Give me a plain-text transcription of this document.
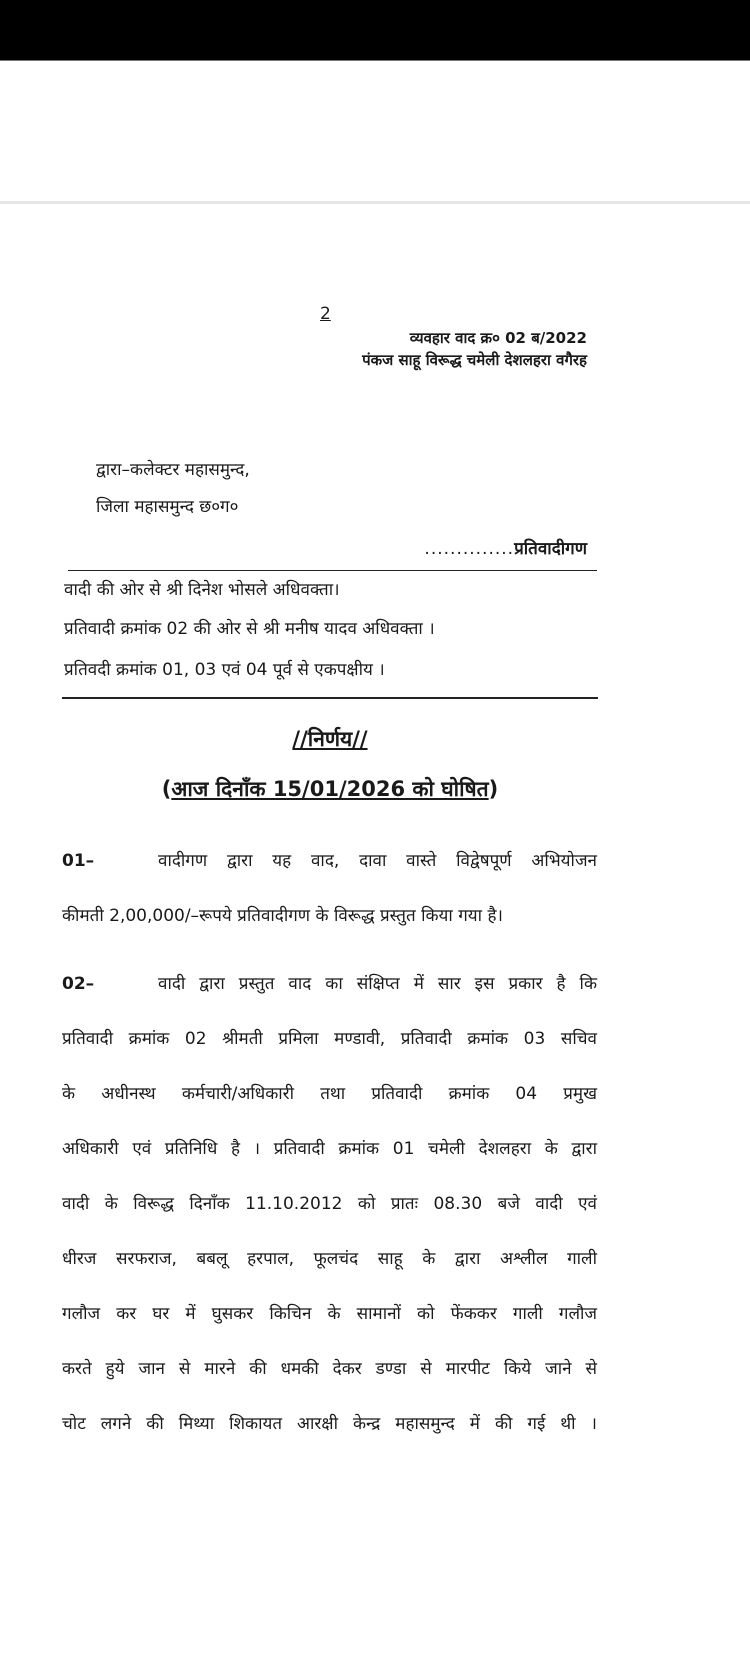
2
व्यवहार वाद क्र० 02 ब/2022
पंकज साहू विरूद्ध चमेली देशलहरा वगैरह
द्वारा–कलेक्टर महासमुन्द,
जिला महासमुन्द छ०ग०
..............प्रतिवादीगण
वादी की ओर से श्री दिनेश भोसले अधिवक्ता।
प्रतिवादी क्रमांक 02 की ओर से श्री मनीष यादव अधिवक्ता ।
प्रतिवदी क्रमांक 01, 03 एवं 04 पूर्व से एकपक्षीय ।
//निर्णय//
(आज दिनाँक 15/01/2026 को घोषित)
01–	वादीगण द्वारा यह वाद, दावा वास्ते विद्वेषपूर्ण अभियोजन
कीमती 2,00,000/–रूपये प्रतिवादीगण के विरूद्ध प्रस्तुत किया गया है।
02–	वादी द्वारा प्रस्तुत वाद का संक्षिप्त में सार इस प्रकार है कि
प्रतिवादी क्रमांक 02 श्रीमती प्रमिला मण्डावी, प्रतिवादी क्रमांक 03 सचिव
के अधीनस्थ कर्मचारी/अधिकारी तथा प्रतिवादी क्रमांक 04 प्रमुख
अधिकारी एवं प्रतिनिधि है । प्रतिवादी क्रमांक 01 चमेली देशलहरा के द्वारा
वादी के विरूद्ध दिनाँक 11.10.2012 को प्रातः 08.30 बजे वादी एवं
धीरज सरफराज, बबलू हरपाल, फूलचंद साहू के द्वारा अश्लील गाली
गलौज कर घर में घुसकर किचिन के सामानों को फेंककर गाली गलौज
करते हुये जान से मारने की धमकी देकर डण्डा से मारपीट किये जाने से
चोट लगने की मिथ्या शिकायत आरक्षी केन्द्र महासमुन्द में की गई थी ।
